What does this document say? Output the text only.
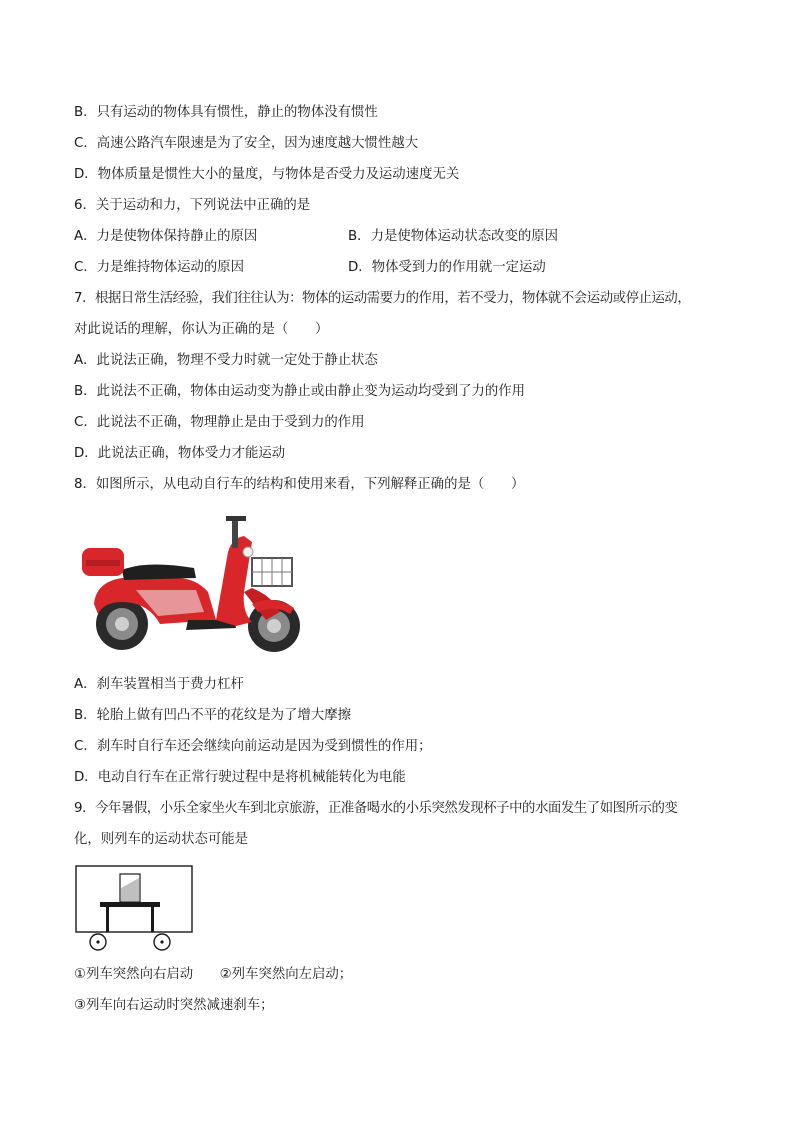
B．只有运动的物体具有惯性，静止的物体没有惯性
C．高速公路汽车限速是为了安全，因为速度越大惯性越大
D．物体质量是惯性大小的量度，与物体是否受力及运动速度无关
6．关于运动和力，下列说法中正确的是
A．力是使物体保持静止的原因	B．力是使物体运动状态改变的原因
C．力是维持物体运动的原因	D．物体受到力的作用就一定运动
7．根据日常生活经验，我们往往认为：物体的运动需要力的作用，若不受力，物体就不会运动或停止运动，
对此说话的理解，你认为正确的是（　　）
A．此说法正确，物理不受力时就一定处于静止状态
B．此说法不正确，物体由运动变为静止或由静止变为运动均受到了力的作用
C．此说法不正确，物理静止是由于受到力的作用
D．此说法正确，物体受力才能运动
8．如图所示，从电动自行车的结构和使用来看，下列解释正确的是（　　）
A．刹车装置相当于费力杠杆
B．轮胎上做有凹凸不平的花纹是为了增大摩擦
C．刹车时自行车还会继续向前运动是因为受到惯性的作用；
D．电动自行车在正常行驶过程中是将机械能转化为电能
9．今年暑假，小乐全家坐火车到北京旅游，正准备喝水的小乐突然发现杯子中的水面发生了如图所示的变
化，则列车的运动状态可能是
①列车突然向右启动 ②列车突然向左启动；
③列车向右运动时突然减速刹车；
